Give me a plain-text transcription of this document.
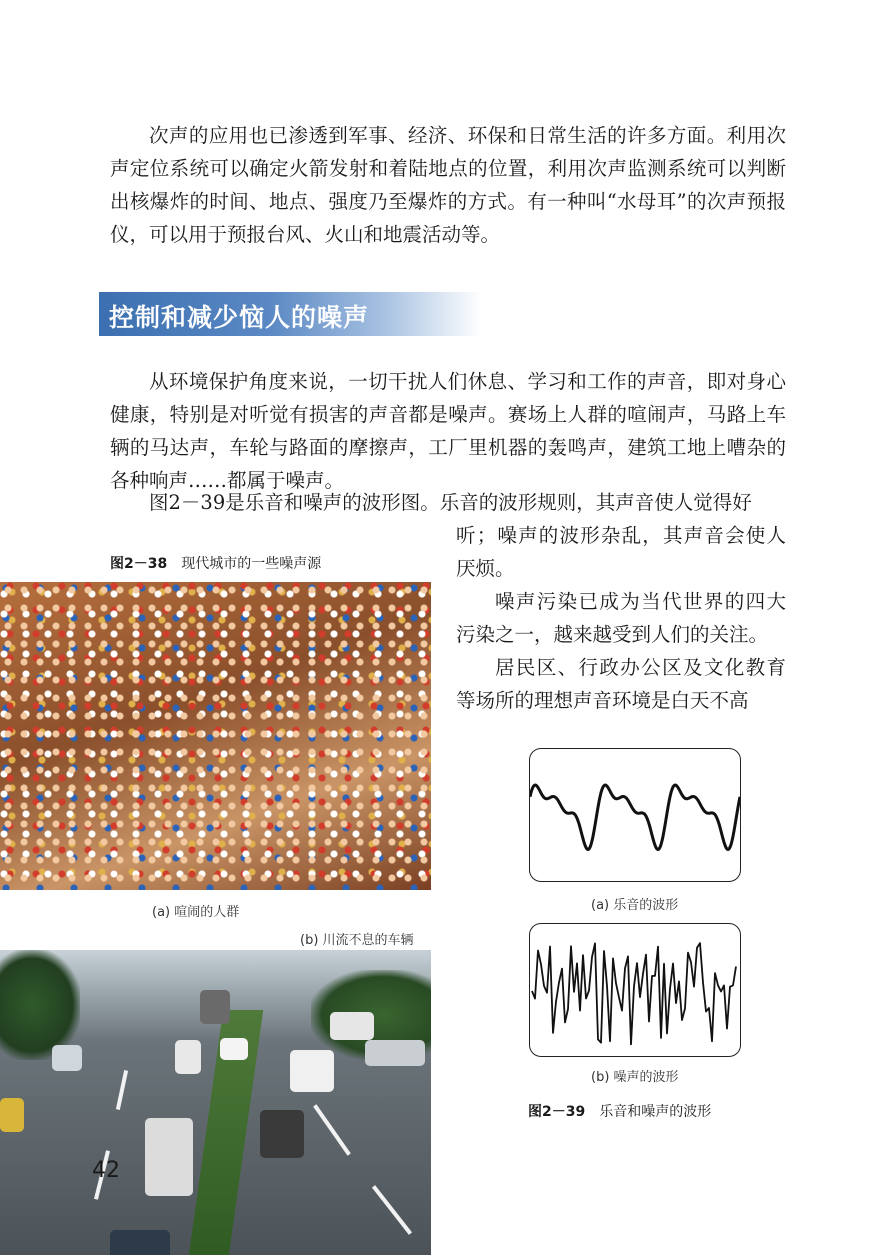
次声的应用也已渗透到军事、经济、环保和日常生活的许多方面。利用次声定位系统可以确定火箭发射和着陆地点的位置，利用次声监测系统可以判断出核爆炸的时间、地点、强度乃至爆炸的方式。有一种叫“水母耳”的次声预报仪，可以用于预报台风、火山和地震活动等。

控制和减少恼人的噪声

从环境保护角度来说，一切干扰人们休息、学习和工作的声音，即对身心健康，特别是对听觉有损害的声音都是噪声。赛场上人群的喧闹声，马路上车辆的马达声，车轮与路面的摩擦声，工厂里机器的轰鸣声，建筑工地上嘈杂的各种响声……都属于噪声。

图2－39是乐音和噪声的波形图。乐音的波形规则，其声音使人觉得好

听；噪声的波形杂乱，其声音会使人厌烦。

噪声污染已成为当代世界的四大污染之一，越来越受到人们的关注。

居民区、行政办公区及文化教育等场所的理想声音环境是白天不高

图2－38 现代城市的一些噪声源
(a) 喧闹的人群
(b) 川流不息的车辆
42
(a) 乐音的波形
(b) 噪声的波形
图2－39 乐音和噪声的波形
